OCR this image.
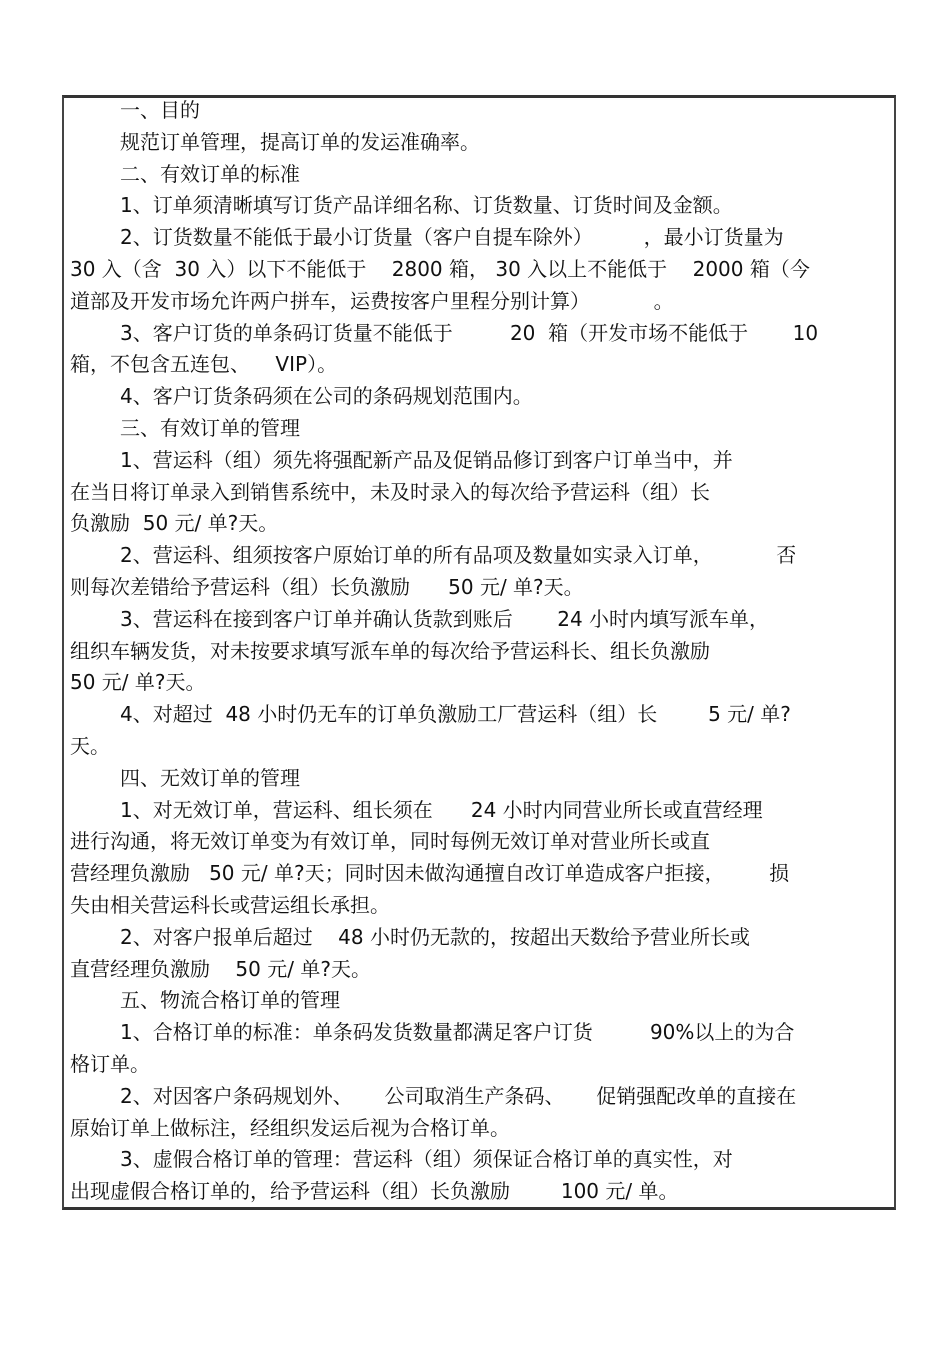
一、目的
规范订单管理，提高订单的发运准确率。
二、有效订单的标准
1、订单须清晰填写订货产品详细名称、订货数量、订货时间及金额。
2、订货数量不能低于最小订货量（客户自提车除外）        ，最小订货量为
30 入（含  30 入）以下不能低于    2800 箱， 30 入以上不能低于    2000 箱（今
道部及开发市场允许两户拼车，运费按客户里程分别计算）          。
3、客户订货的单条码订货量不能低于         20  箱（开发市场不能低于       10
箱，不包含五连包、    VIP）。
4、客户订货条码须在公司的条码规划范围内。
三、有效订单的管理
1、营运科（组）须先将强配新产品及促销品修订到客户订单当中，并
在当日将订单录入到销售系统中，未及时录入的每次给予营运科（组）长
负激励  50 元/ 单?天。
2、营运科、组须按客户原始订单的所有品项及数量如实录入订单，          否
则每次差错给予营运科（组）长负激励      50 元/ 单?天。
3、营运科在接到客户订单并确认货款到账后       24 小时内填写派车单，
组织车辆发货，对未按要求填写派车单的每次给予营运科长、组长负激励
50 元/ 单?天。
4、对超过  48 小时仍无车的订单负激励工厂营运科（组）长        5 元/ 单?
天。
四、无效订单的管理
1、对无效订单，营运科、组长须在      24 小时内同营业所长或直营经理
进行沟通，将无效订单变为有效订单，同时每例无效订单对营业所长或直
营经理负激励   50 元/ 单?天；同时因未做沟通擅自改订单造成客户拒接，       损
失由相关营运科长或营运组长承担。
2、对客户报单后超过    48 小时仍无款的，按超出天数给予营业所长或
直营经理负激励    50 元/ 单?天。
五、物流合格订单的管理
1、合格订单的标准：单条码发货数量都满足客户订货         90%以上的为合
格订单。
2、对因客户条码规划外、     公司取消生产条码、     促销强配改单的直接在
原始订单上做标注，经组织发运后视为合格订单。
3、虚假合格订单的管理：营运科（组）须保证合格订单的真实性，对
出现虚假合格订单的，给予营运科（组）长负激励        100 元/ 单。
